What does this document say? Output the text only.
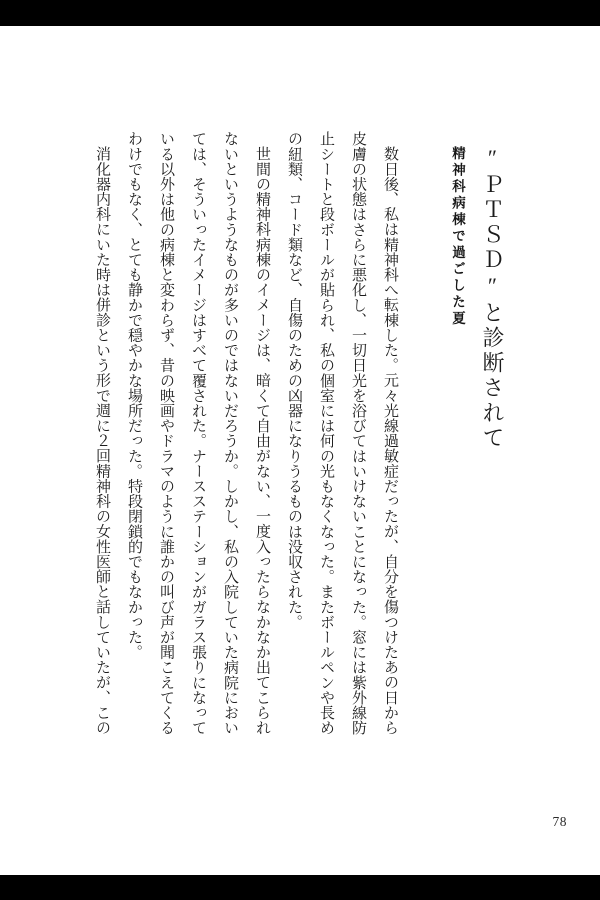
″ＰＴＳＤ″と診断されて
精神科病棟で過ごした夏
数日後、私は精神科へ転棟した。元々光線過敏症だったが、自分を傷つけたあの日から
皮膚の状態はさらに悪化し、一切日光を浴びてはいけないことになった。窓には紫外線防
止シートと段ボールが貼られ、私の個室には何の光もなくなった。またボールペンや長め
の紐類、コード類など、自傷のための凶器になりうるものは没収された。
世間の精神科病棟のイメージは、暗くて自由がない、一度入ったらなかなか出てこられ
ないというようなものが多いのではないだろうか。しかし、私の入院していた病院におい
ては、そういったイメージはすべて覆された。ナースステーションがガラス張りになって
いる以外は他の病棟と変わらず、昔の映画やドラマのように誰かの叫び声が聞こえてくる
わけでもなく、とても静かで穏やかな場所だった。特段閉鎖的でもなかった。
消化器内科にいた時は併診という形で週に２回精神科の女性医師と話していたが、この
78
